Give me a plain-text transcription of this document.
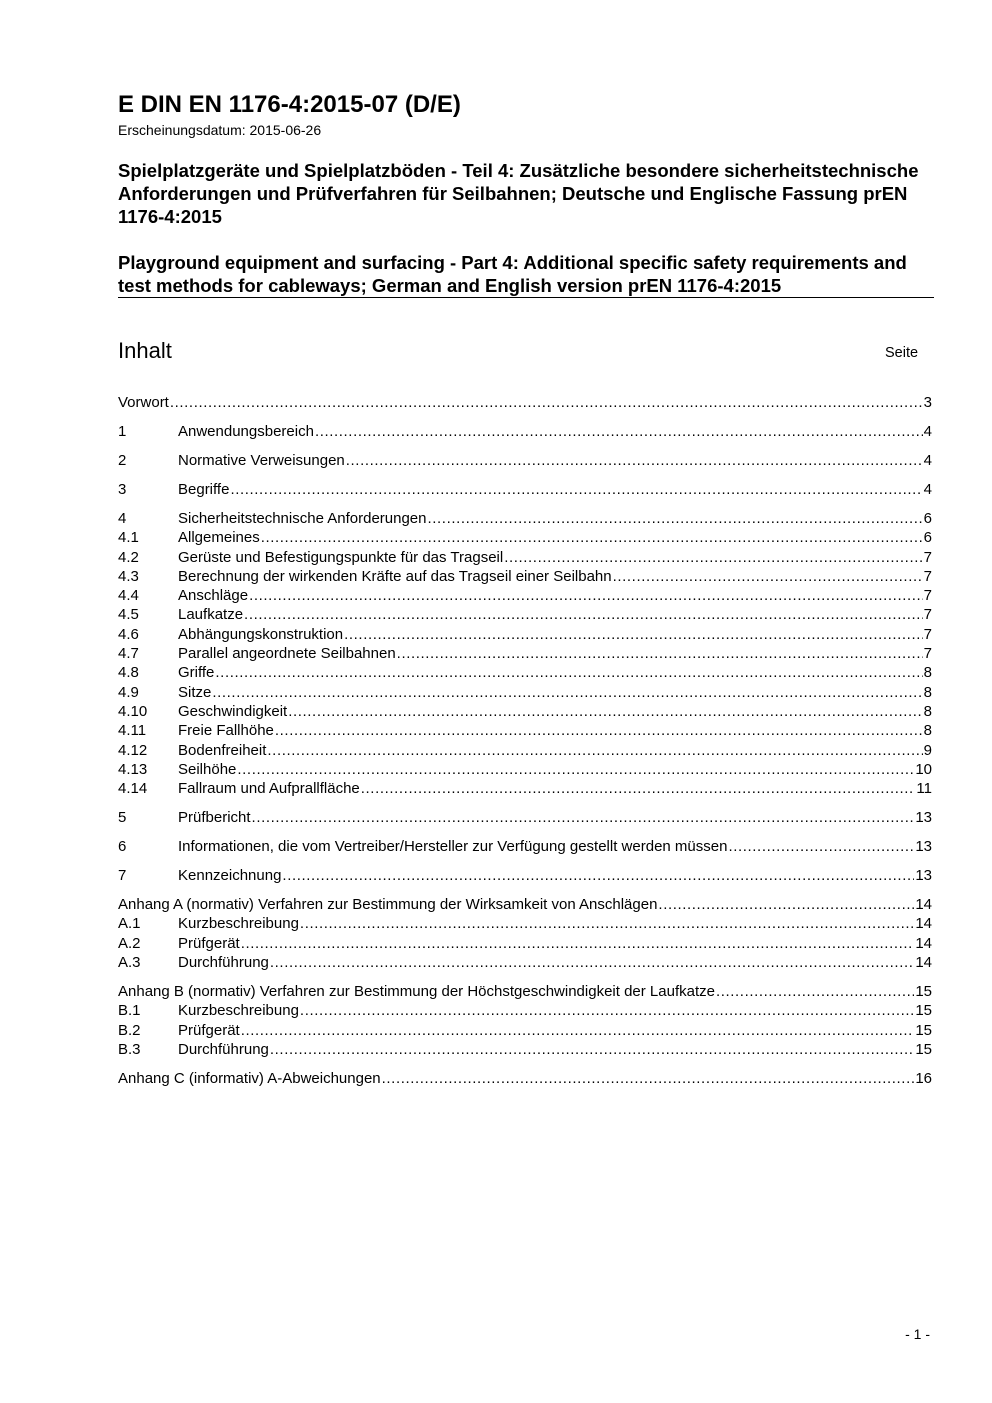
E DIN EN 1176-4:2015-07 (D/E)
Erscheinungsdatum: 2015-06-26
Spielplatzgeräte und Spielplatzböden - Teil 4: Zusätzliche besondere sicherheitstechnische Anforderungen und Prüfverfahren für Seilbahnen; Deutsche und Englische Fassung prEN 1176-4:2015
Playground equipment and surfacing - Part 4: Additional specific safety requirements and test methods for cableways; German and English version prEN 1176-4:2015
Inhalt	Seite
Vorwort .....	3
1	Anwendungsbereich .....	4
2	Normative Verweisungen .....	4
3	Begriffe .....	4
4	Sicherheitstechnische Anforderungen .....	6
4.1	Allgemeines .....	6
4.2	Gerüste und Befestigungspunkte für das Tragseil .....	7
4.3	Berechnung der wirkenden Kräfte auf das Tragseil einer Seilbahn .....	7
4.4	Anschläge .....	7
4.5	Laufkatze .....	7
4.6	Abhängungskonstruktion .....	7
4.7	Parallel angeordnete Seilbahnen .....	7
4.8	Griffe .....	8
4.9	Sitze .....	8
4.10	Geschwindigkeit .....	8
4.11	Freie Fallhöhe .....	8
4.12	Bodenfreiheit .....	9
4.13	Seilhöhe .....	10
4.14	Fallraum und Aufprallfläche .....	11
5	Prüfbericht .....	13
6	Informationen, die vom Vertreiber/Hersteller zur Verfügung gestellt werden müssen .....	13
7	Kennzeichnung .....	13
Anhang A (normativ) Verfahren zur Bestimmung der Wirksamkeit von Anschlägen .....	14
A.1	Kurzbeschreibung .....	14
A.2	Prüfgerät .....	14
A.3	Durchführung .....	14
Anhang B (normativ) Verfahren zur Bestimmung der Höchstgeschwindigkeit der Laufkatze .....	15
B.1	Kurzbeschreibung .....	15
B.2	Prüfgerät .....	15
B.3	Durchführung .....	15
Anhang C (informativ) A-Abweichungen .....	16
- 1 -
